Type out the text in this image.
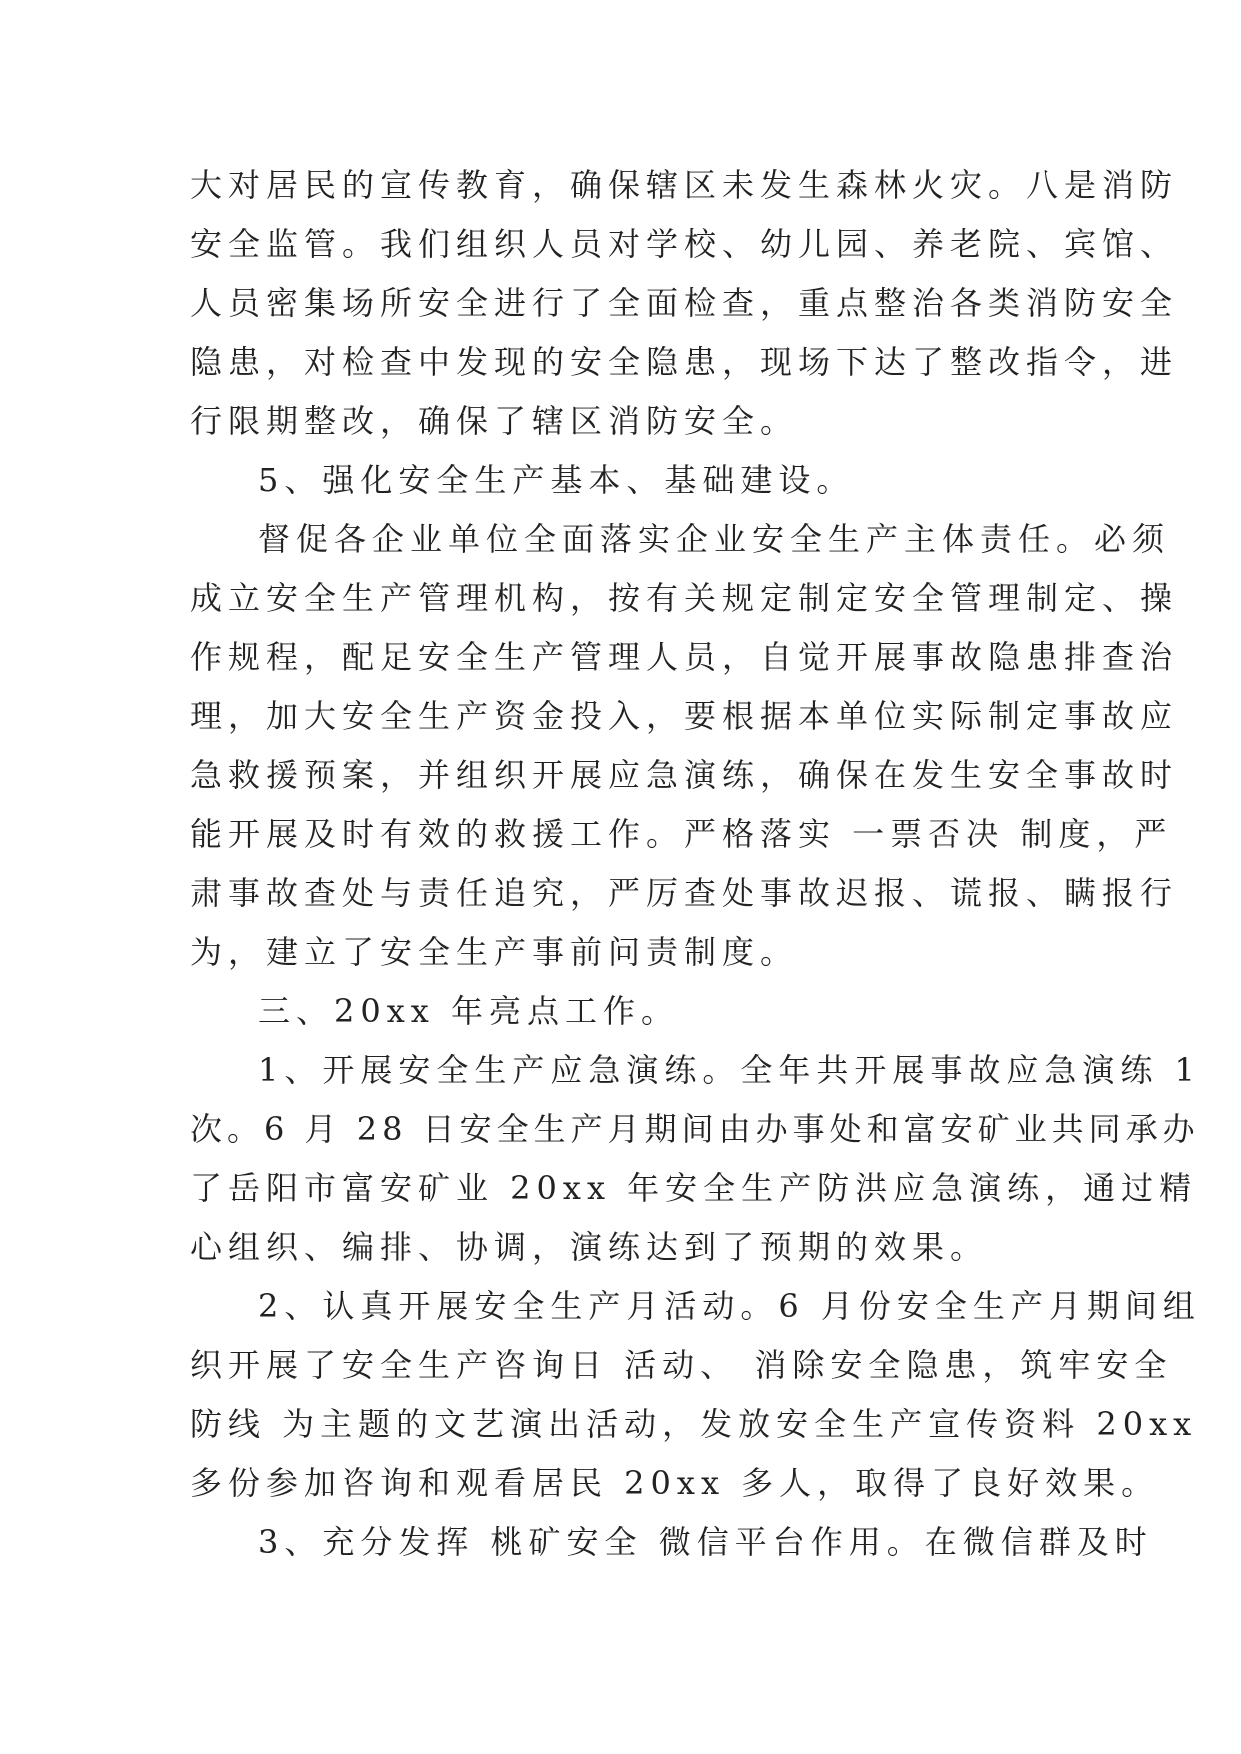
大对居民的宣传教育，确保辖区未发生森林火灾。八是消防
安全监管。我们组织人员对学校、幼儿园、养老院、宾馆、
人员密集场所安全进行了全面检查，重点整治各类消防安全
隐患，对检查中发现的安全隐患，现场下达了整改指令，进
行限期整改，确保了辖区消防安全。
5、强化安全生产基本、基础建设。
督促各企业单位全面落实企业安全生产主体责任。必须
成立安全生产管理机构，按有关规定制定安全管理制定、操
作规程，配足安全生产管理人员，自觉开展事故隐患排查治
理，加大安全生产资金投入，要根据本单位实际制定事故应
急救援预案，并组织开展应急演练，确保在发生安全事故时
能开展及时有效的救援工作。严格落实 一票否决 制度，严
肃事故查处与责任追究，严厉查处事故迟报、谎报、瞒报行
为，建立了安全生产事前问责制度。
三、20xx 年亮点工作。
1、开展安全生产应急演练。全年共开展事故应急演练 1
次。6 月 28 日安全生产月期间由办事处和富安矿业共同承办
了岳阳市富安矿业 20xx 年安全生产防洪应急演练，通过精
心组织、编排、协调，演练达到了预期的效果。
2、认真开展安全生产月活动。6 月份安全生产月期间组
织开展了安全生产咨询日 活动、 消除安全隐患，筑牢安全
防线 为主题的文艺演出活动，发放安全生产宣传资料 20xx
多份参加咨询和观看居民 20xx 多人，取得了良好效果。
3、充分发挥 桃矿安全 微信平台作用。在微信群及时
